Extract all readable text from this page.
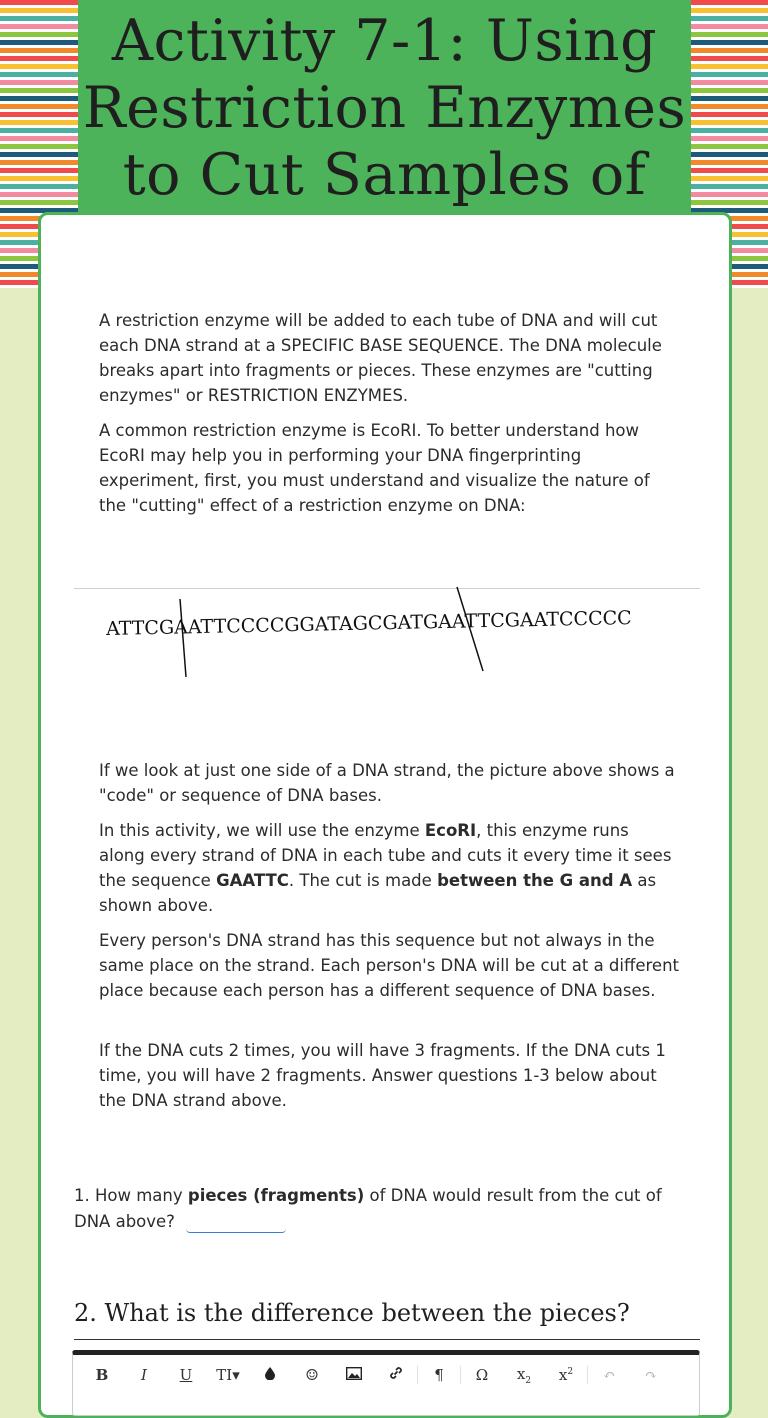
Activity 7-1: Using
Restriction Enzymes
to Cut Samples of

A restriction enzyme will be added to each tube of DNA and will cut each DNA strand at a SPECIFIC BASE SEQUENCE. The DNA molecule breaks apart into fragments or pieces. These enzymes are "cutting enzymes" or RESTRICTION ENZYMES.

A common restriction enzyme is EcoRI. To better understand how EcoRI may help you in performing your DNA fingerprinting experiment, first, you must understand and visualize the nature of the "cutting" effect of a restriction enzyme on DNA:

ATTCGAATTCCCCGGATAGCGATGAATTCGAATCCCCC

If we look at just one side of a DNA strand, the picture above shows a "code" or sequence of DNA bases.

In this activity, we will use the enzyme EcoRI, this enzyme runs along every strand of DNA in each tube and cuts it every time it sees the sequence GAATTC. The cut is made between the G and A as shown above.

Every person's DNA strand has this sequence but not always in the same place on the strand. Each person's DNA will be cut at a different place because each person has a different sequence of DNA bases.

If the DNA cuts 2 times, you will have 3 fragments. If the DNA cuts 1 time, you will have 2 fragments. Answer questions 1-3 below about the DNA strand above.

1. How many pieces (fragments) of DNA would result from the cut of DNA above?

2. What is the difference between the pieces?

B	I	U	TI▾	☺	¶	Ω	$x_2$	$x^2$	↶	↷
